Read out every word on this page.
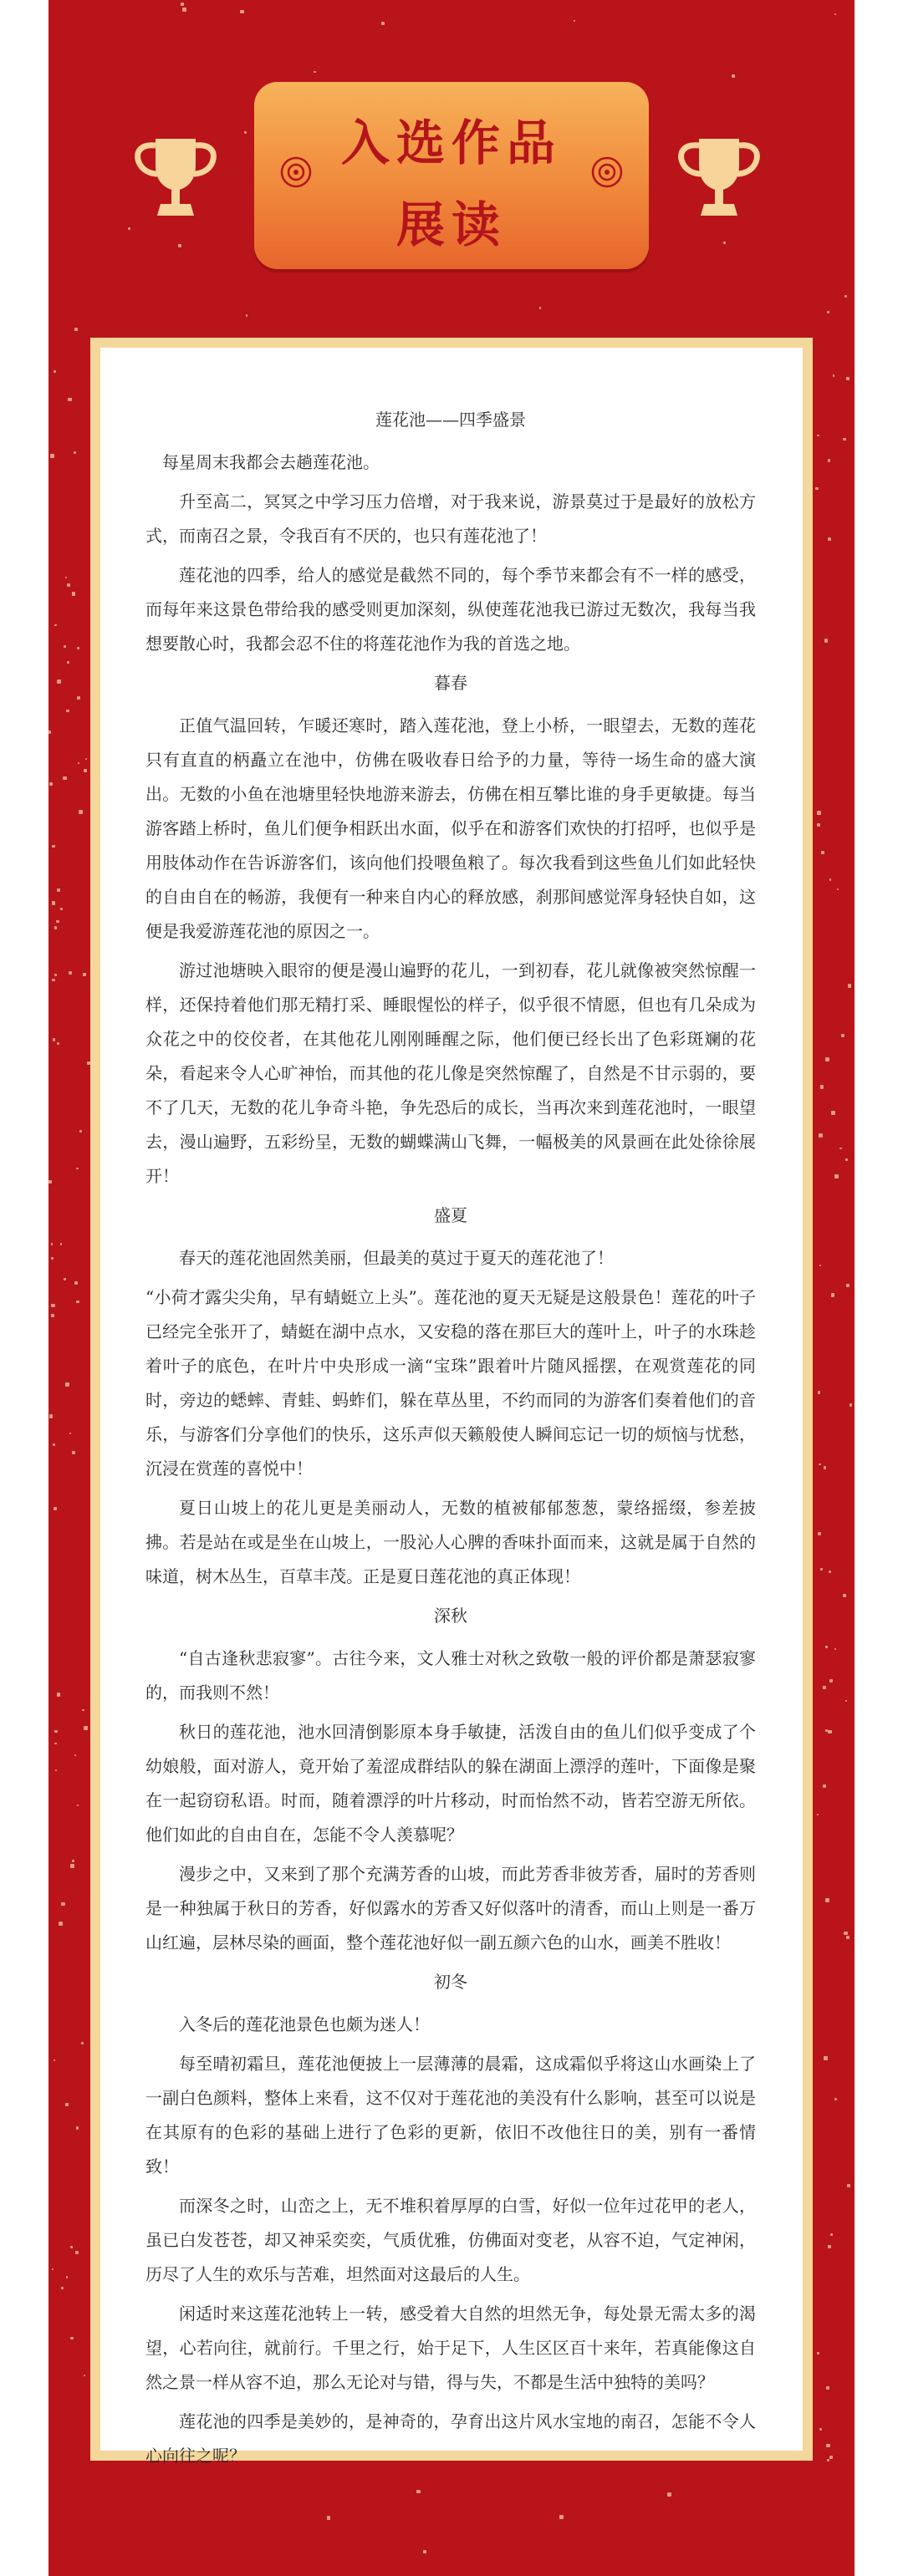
入选作品
展读

莲花池——四季盛景

每星周末我都会去趟莲花池。

升至高二，冥冥之中学习压力倍增，对于我来说，游景莫过于是最好的放松方式，而南召之景，令我百有不厌的，也只有莲花池了！

莲花池的四季，给人的感觉是截然不同的，每个季节来都会有不一样的感受，而每年来这景色带给我的感受则更加深刻，纵使莲花池我已游过无数次，我每当我想要散心时，我都会忍不住的将莲花池作为我的首选之地。

暮春

正值气温回转，乍暖还寒时，踏入莲花池，登上小桥，一眼望去，无数的莲花只有直直的柄矗立在池中，仿佛在吸收春日给予的力量，等待一场生命的盛大演出。无数的小鱼在池塘里轻快地游来游去，仿佛在相互攀比谁的身手更敏捷。每当游客踏上桥时，鱼儿们便争相跃出水面，似乎在和游客们欢快的打招呼，也似乎是用肢体动作在告诉游客们，该向他们投喂鱼粮了。每次我看到这些鱼儿们如此轻快的自由自在的畅游，我便有一种来自内心的释放感，刹那间感觉浑身轻快自如，这便是我爱游莲花池的原因之一。

游过池塘映入眼帘的便是漫山遍野的花儿，一到初春，花儿就像被突然惊醒一样，还保持着他们那无精打采、睡眼惺忪的样子，似乎很不情愿，但也有几朵成为众花之中的佼佼者，在其他花儿刚刚睡醒之际，他们便已经长出了色彩斑斓的花朵，看起来令人心旷神怡，而其他的花儿像是突然惊醒了，自然是不甘示弱的，要不了几天，无数的花儿争奇斗艳，争先恐后的成长，当再次来到莲花池时，一眼望去，漫山遍野，五彩纷呈，无数的蝴蝶满山飞舞，一幅极美的风景画在此处徐徐展开！

盛夏

春天的莲花池固然美丽，但最美的莫过于夏天的莲花池了！

“小荷才露尖尖角，早有蜻蜓立上头”。莲花池的夏天无疑是这般景色！莲花的叶子已经完全张开了，蜻蜓在湖中点水，又安稳的落在那巨大的莲叶上，叶子的水珠趁着叶子的底色，在叶片中央形成一滴“宝珠”跟着叶片随风摇摆，在观赏莲花的同时，旁边的蟋蟀、青蛙、蚂蚱们，躲在草丛里，不约而同的为游客们奏着他们的音乐，与游客们分享他们的快乐，这乐声似天籁般使人瞬间忘记一切的烦恼与忧愁，沉浸在赏莲的喜悦中！

夏日山坡上的花儿更是美丽动人，无数的植被郁郁葱葱，蒙络摇缀，参差披拂。若是站在或是坐在山坡上，一股沁人心脾的香味扑面而来，这就是属于自然的味道，树木丛生，百草丰茂。正是夏日莲花池的真正体现！

深秋

“自古逢秋悲寂寥”。古往今来，文人雅士对秋之致敬一般的评价都是萧瑟寂寥的，而我则不然！

秋日的莲花池，池水回清倒影原本身手敏捷，活泼自由的鱼儿们似乎变成了个幼娘般，面对游人，竟开始了羞涩成群结队的躲在湖面上漂浮的莲叶，下面像是聚在一起窃窃私语。时而，随着漂浮的叶片移动，时而怡然不动，皆若空游无所依。他们如此的自由自在，怎能不令人羡慕呢？

漫步之中，又来到了那个充满芳香的山坡，而此芳香非彼芳香，届时的芳香则是一种独属于秋日的芳香，好似露水的芳香又好似落叶的清香，而山上则是一番万山红遍，层林尽染的画面，整个莲花池好似一副五颜六色的山水，画美不胜收！

初冬

入冬后的莲花池景色也颇为迷人！

每至晴初霜旦，莲花池便披上一层薄薄的晨霜，这成霜似乎将这山水画染上了一副白色颜料，整体上来看，这不仅对于莲花池的美没有什么影响，甚至可以说是在其原有的色彩的基础上进行了色彩的更新，依旧不改他往日的美，别有一番情致！

而深冬之时，山峦之上，无不堆积着厚厚的白雪，好似一位年过花甲的老人，虽已白发苍苍，却又神采奕奕，气质优雅，仿佛面对变老，从容不迫，气定神闲，历尽了人生的欢乐与苦难，坦然面对这最后的人生。

闲适时来这莲花池转上一转，感受着大自然的坦然无争，每处景无需太多的渴望，心若向往，就前行。千里之行，始于足下，人生区区百十来年，若真能像这自然之景一样从容不迫，那么无论对与错，得与失，不都是生活中独特的美吗？

莲花池的四季是美妙的，是神奇的，孕育出这片风水宝地的南召，怎能不令人心向往之呢？
